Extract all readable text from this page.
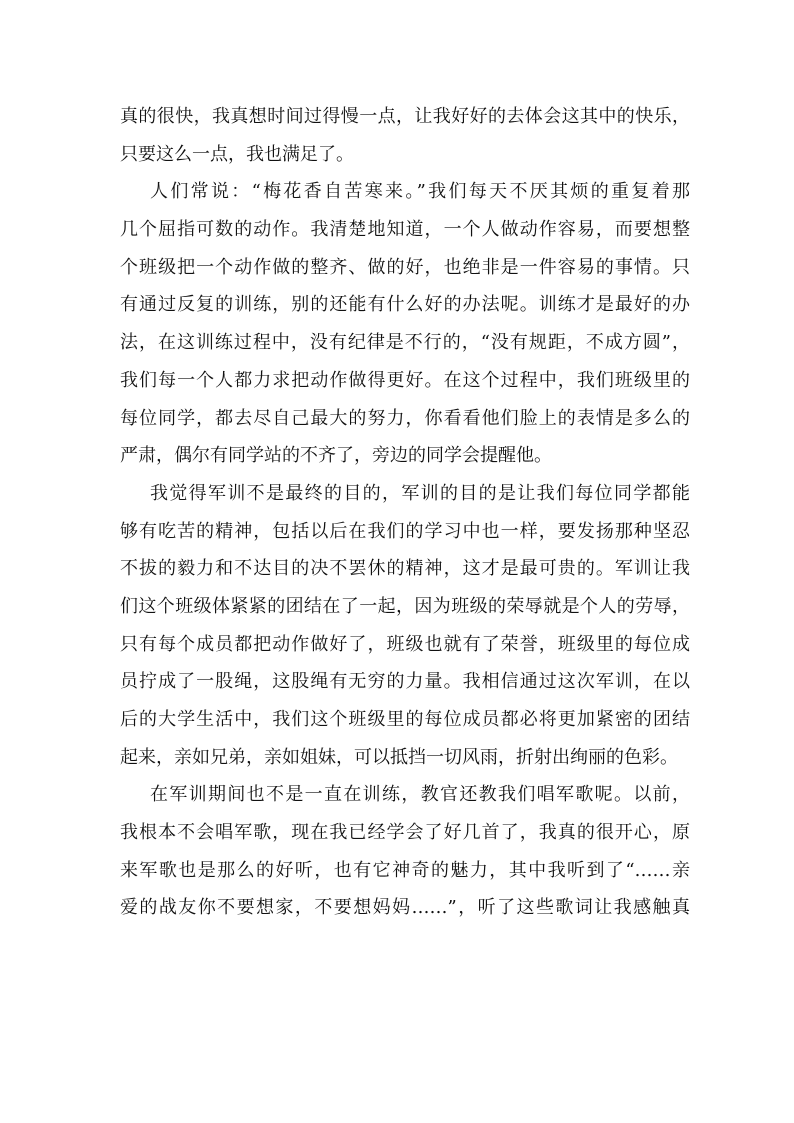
真的很快，我真想时间过得慢一点，让我好好的去体会这其中的快乐，
只要这么一点，我也满足了。
人们常说：“梅花香自苦寒来。”我们每天不厌其烦的重复着那
几个屈指可数的动作。我清楚地知道，一个人做动作容易，而要想整
个班级把一个动作做的整齐、做的好，也绝非是一件容易的事情。只
有通过反复的训练，别的还能有什么好的办法呢。训练才是最好的办
法，在这训练过程中，没有纪律是不行的，“没有规距，不成方圆”，
我们每一个人都力求把动作做得更好。在这个过程中，我们班级里的
每位同学，都去尽自己最大的努力，你看看他们脸上的表情是多么的
严肃，偶尔有同学站的不齐了，旁边的同学会提醒他。
我觉得军训不是最终的目的，军训的目的是让我们每位同学都能
够有吃苦的精神，包括以后在我们的学习中也一样，要发扬那种坚忍
不拔的毅力和不达目的决不罢休的精神，这才是最可贵的。军训让我
们这个班级体紧紧的团结在了一起，因为班级的荣辱就是个人的劳辱，
只有每个成员都把动作做好了，班级也就有了荣誉，班级里的每位成
员拧成了一股绳，这股绳有无穷的力量。我相信通过这次军训，在以
后的大学生活中，我们这个班级里的每位成员都必将更加紧密的团结
起来，亲如兄弟，亲如姐妹，可以抵挡一切风雨，折射出绚丽的色彩。
在军训期间也不是一直在训练，教官还教我们唱军歌呢。以前，
我根本不会唱军歌，现在我已经学会了好几首了，我真的很开心，原
来军歌也是那么的好听，也有它神奇的魅力，其中我听到了“……亲
爱的战友你不要想家，不要想妈妈……”，听了这些歌词让我感触真
